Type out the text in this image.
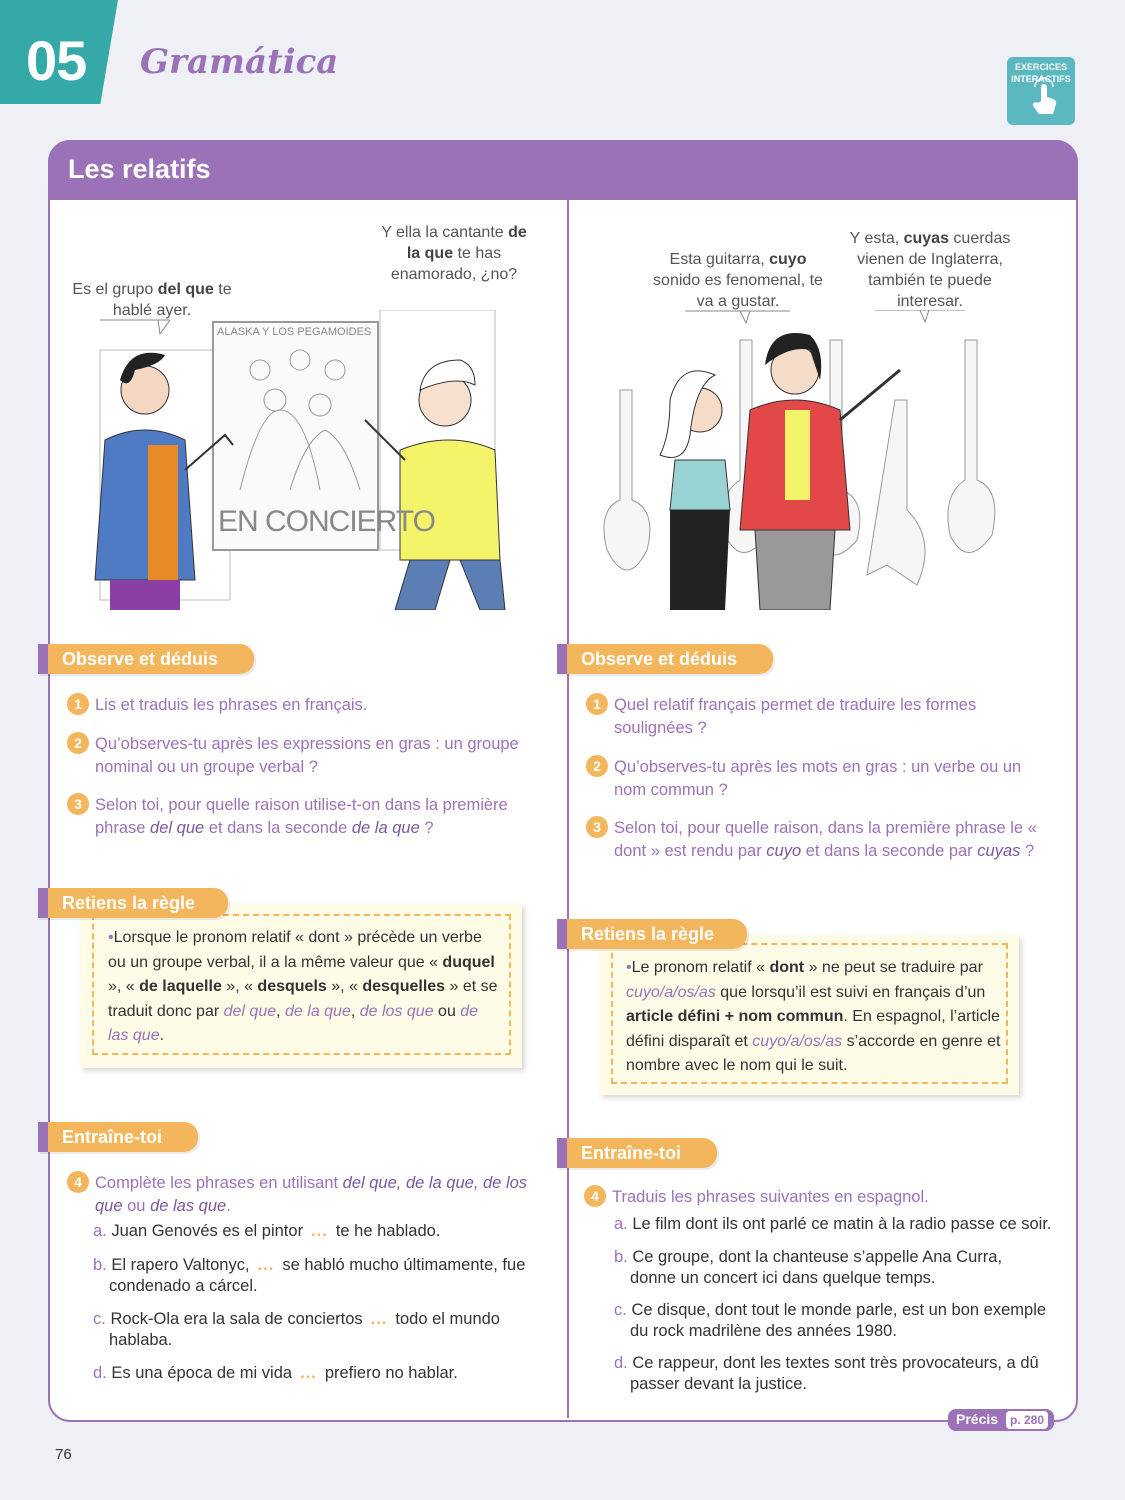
05 Gramática	EXERCICES INTERACTIFS
Les relatifs
Es el grupo del que te hablé ayer.
Y ella la cantante de la que te has enamorado, ¿no?
ALASKA Y LOS PEGAMOIDES
EN CONCIERTO
Esta guitarra, cuyo sonido es fenomenal, te va a gustar.
Y esta, cuyas cuerdas vienen de Inglaterra, también te puede interesar.
Observe et déduis
1 Lis et traduis les phrases en français.
2 Qu’observes-tu après les expressions en gras : un groupe nominal ou un groupe verbal ?
3 Selon toi, pour quelle raison utilise-t-on dans la première phrase del que et dans la seconde de la que ?
Retiens la règle
•Lorsque le pronom relatif « dont » précède un verbe ou un groupe verbal, il a la même valeur que « duquel », « de laquelle », « desquels », « desquelles » et se traduit donc par del que, de la que, de los que ou de las que.
Entraîne-toi
4 Complète les phrases en utilisant del que, de la que, de los que ou de las que.
a. Juan Genovés es el pintor ... te he hablado.
b. El rapero Valtonyc, ... se habló mucho últimamente, fue condenado a cárcel.
c. Rock-Ola era la sala de conciertos ... todo el mundo hablaba.
d. Es una época de mi vida ... prefiero no hablar.
Observe et déduis
1 Quel relatif français permet de traduire les formes soulignées ?
2 Qu’observes-tu après les mots en gras : un verbe ou un nom commun ?
3 Selon toi, pour quelle raison, dans la première phrase le « dont » est rendu par cuyo et dans la seconde par cuyas ?
Retiens la règle
•Le pronom relatif « dont » ne peut se traduire par cuyo/a/os/as que lorsqu’il est suivi en français d’un article défini + nom commun. En espagnol, l’article défini disparaît et cuyo/a/os/as s’accorde en genre et nombre avec le nom qui le suit.
Entraîne-toi
4 Traduis les phrases suivantes en espagnol.
a. Le film dont ils ont parlé ce matin à la radio passe ce soir.
b. Ce groupe, dont la chanteuse s’appelle Ana Curra, donne un concert ici dans quelque temps.
c. Ce disque, dont tout le monde parle, est un bon exemple du rock madrilène des années 1980.
d. Ce rappeur, dont les textes sont très provocateurs, a dû passer devant la justice.
76
Précis p. 280
